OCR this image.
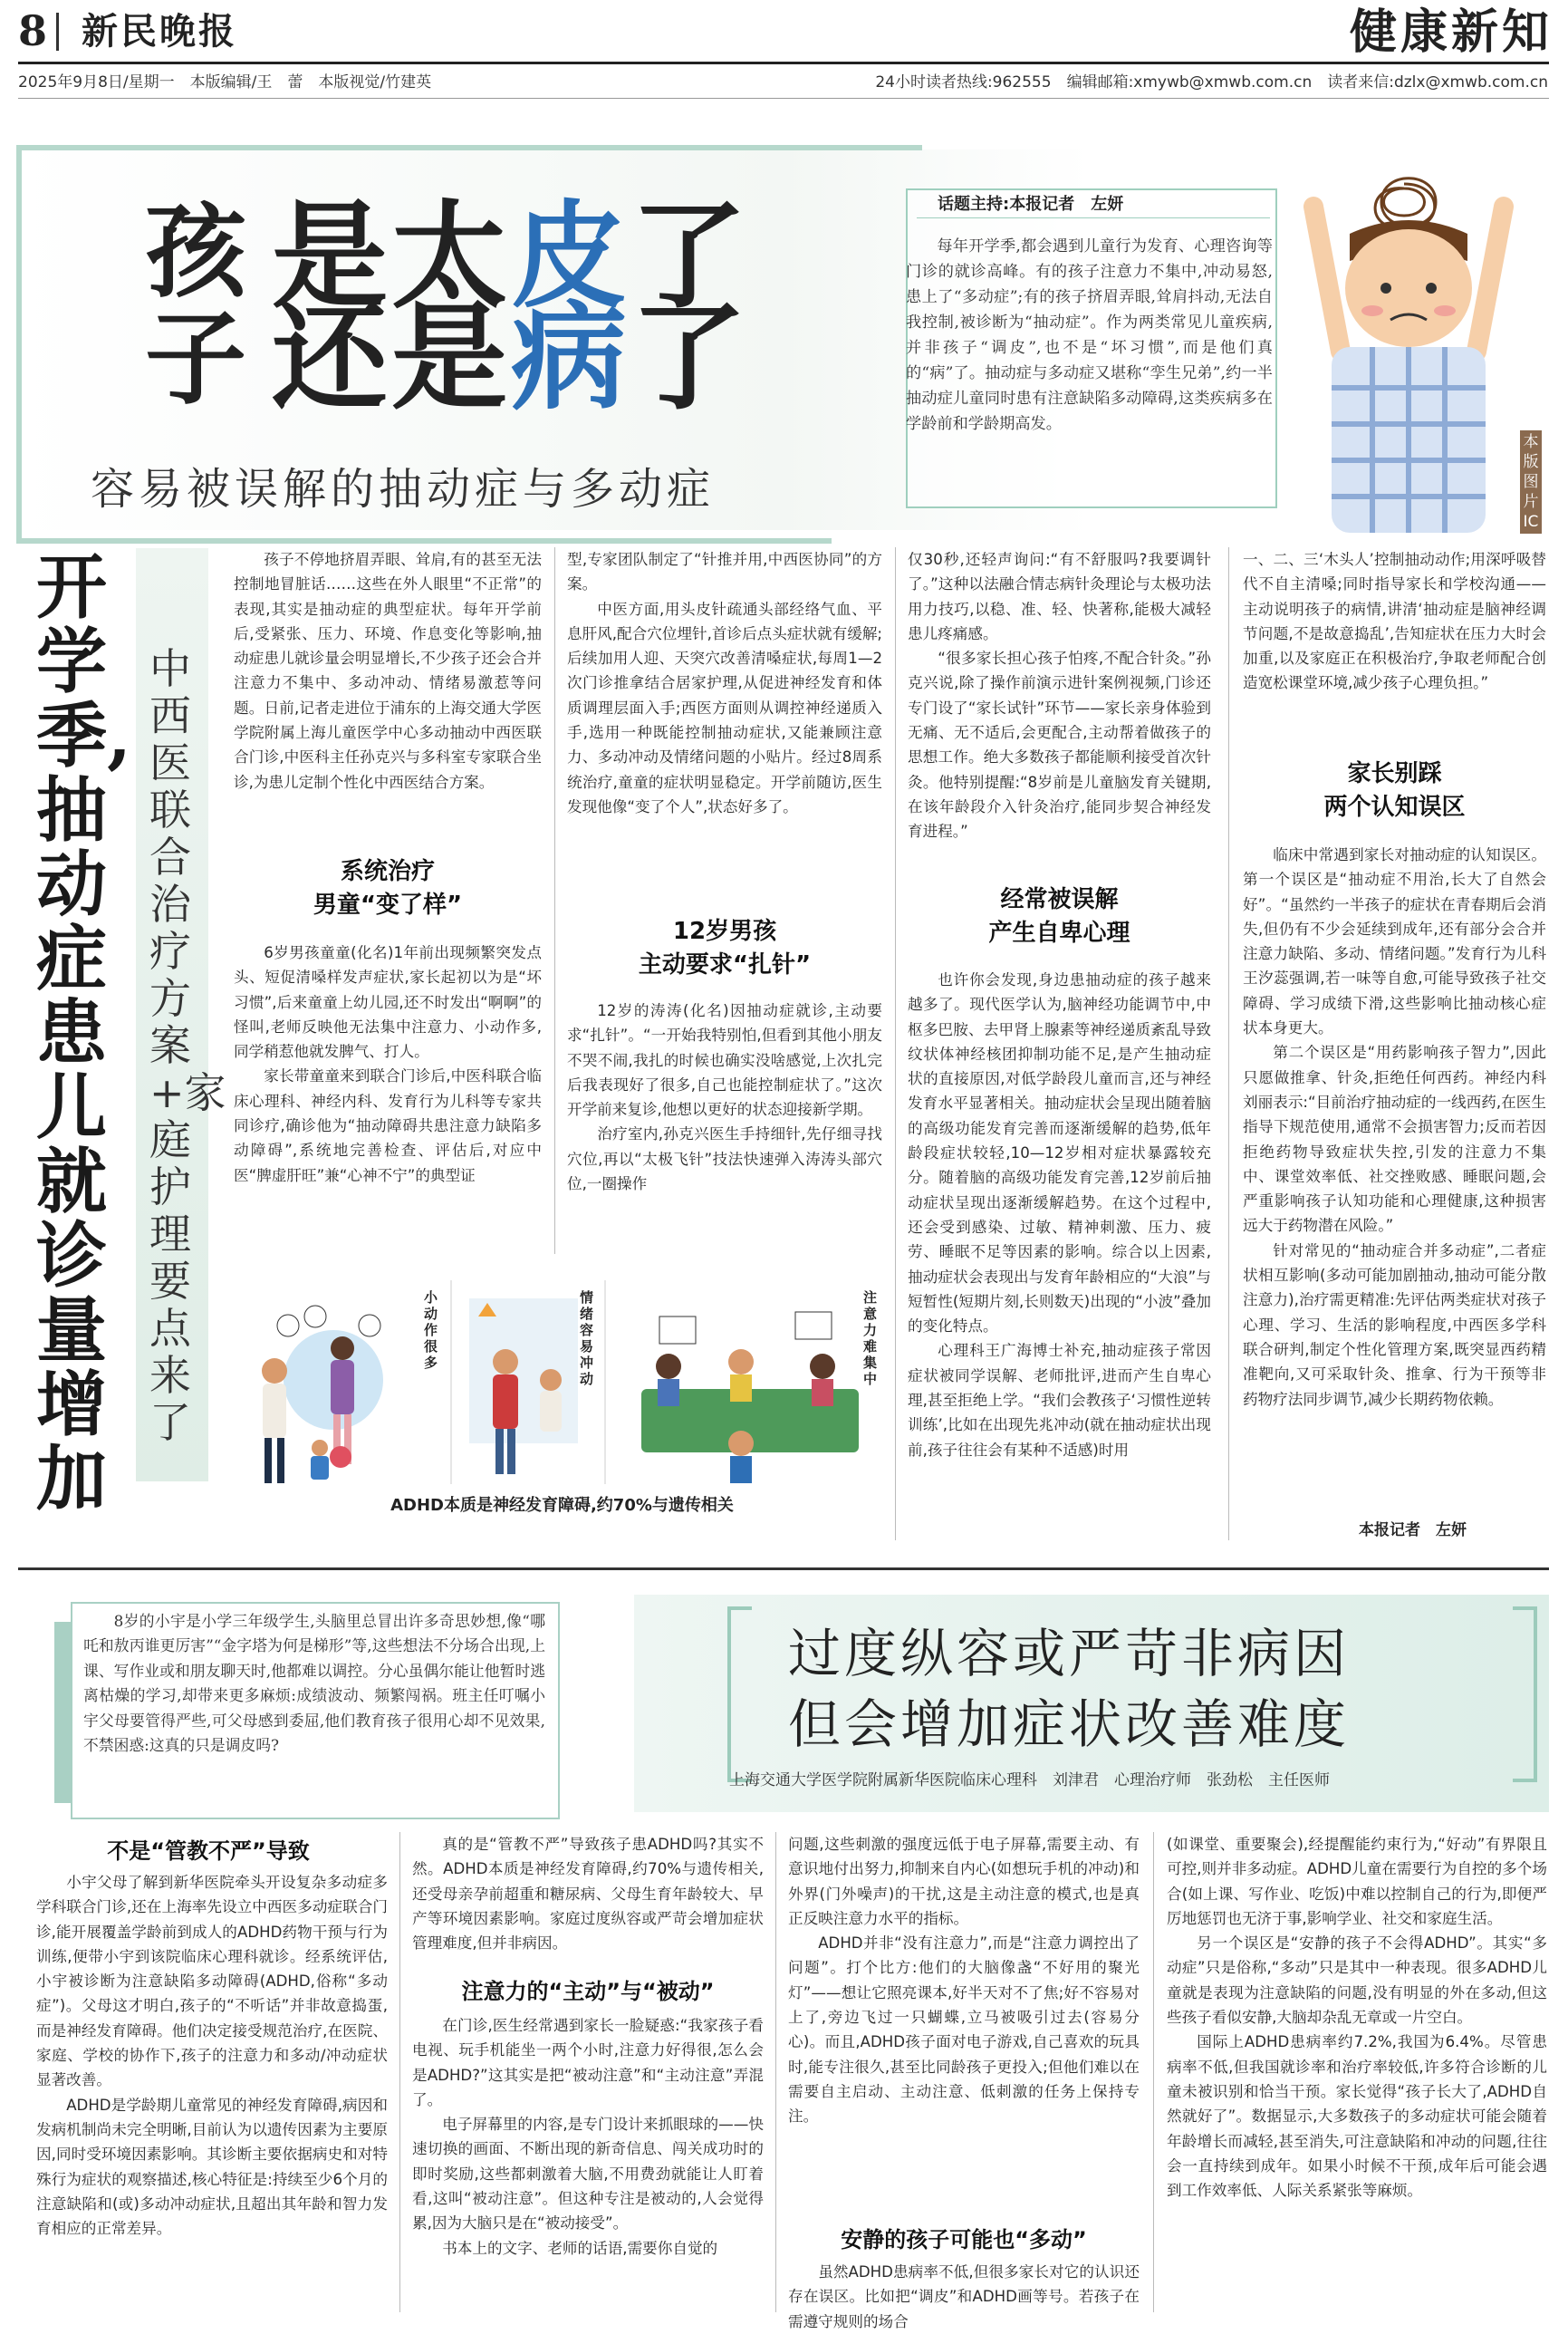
8 新民晚报	健康新知
2025年9月8日/星期一　本版编辑/王　蕾　本版视觉/竹建英	24小时读者热线:962555　编辑邮箱:xmywb@xmwb.com.cn　读者来信:dzlx@xmwb.com.cn
孩子
是太皮了
还是病了
容易被误解的抽动症与多动症
话题主持:本报记者　左妍
每年开学季,都会遇到儿童行为发育、心理咨询等门诊的就诊高峰。有的孩子注意力不集中,冲动易怒,患上了“多动症”;有的孩子挤眉弄眼,耸肩抖动,无法自我控制,被诊断为“抽动症”。作为两类常见儿童疾病,并非孩子“调皮”,也不是“坏习惯”,而是他们真的“病”了。抽动症与多动症又堪称“孪生兄弟”,约一半抽动症儿童同时患有注意缺陷多动障碍,这类疾病多在学龄前和学龄期高发。
本版图片 IC
开学季,抽动症患儿就诊量增加
中西医联合治疗方案+家庭护理要点来了

孩子不停地挤眉弄眼、耸肩,有的甚至无法控制地冒脏话……这些在外人眼里“不正常”的表现,其实是抽动症的典型症状。每年开学前后,受紧张、压力、环境、作息变化等影响,抽动症患儿就诊量会明显增长,不少孩子还会合并注意力不集中、多动冲动、情绪易激惹等问题。日前,记者走进位于浦东的上海交通大学医学院附属上海儿童医学中心多动抽动中西医联合门诊,中医科主任孙克兴与多科室专家联合坐诊,为患儿定制个性化中西医结合方案。

系统治疗
男童“变了样”

6岁男孩童童(化名)1年前出现频繁突发点头、短促清嗓样发声症状,家长起初以为是“坏习惯”,后来童童上幼儿园,还不时发出“啊啊”的怪叫,老师反映他无法集中注意力、小动作多,同学稍惹他就发脾气、打人。

家长带童童来到联合门诊后,中医科联合临床心理科、神经内科、发育行为儿科等专家共同诊疗,确诊他为“抽动障碍共患注意力缺陷多动障碍”,系统地完善检查、评估后,对应中医“脾虚肝旺”兼“心神不宁”的典型证

型,专家团队制定了“针推并用,中西医协同”的方案。

中医方面,用头皮针疏通头部经络气血、平息肝风,配合穴位埋针,首诊后点头症状就有缓解;后续加用人迎、天突穴改善清嗓症状,每周1—2次门诊推拿结合居家护理,从促进神经发育和体质调理层面入手;西医方面则从调控神经递质入手,选用一种既能控制抽动症状,又能兼顾注意力、多动冲动及情绪问题的小贴片。经过8周系统治疗,童童的症状明显稳定。开学前随访,医生发现他像“变了个人”,状态好多了。

12岁男孩
主动要求“扎针”

12岁的涛涛(化名)因抽动症就诊,主动要求“扎针”。“一开始我特别怕,但看到其他小朋友不哭不闹,我扎的时候也确实没啥感觉,上次扎完后我表现好了很多,自己也能控制症状了。”这次开学前来复诊,他想以更好的状态迎接新学期。

治疗室内,孙克兴医生手持细针,先仔细寻找穴位,再以“太极飞针”技法快速弹入涛涛头部穴位,一圈操作

仅30秒,还轻声询问:“有不舒服吗?我要调针了。”这种以法融合情志病针灸理论与太极功法用力技巧,以稳、准、轻、快著称,能极大减轻患儿疼痛感。

“很多家长担心孩子怕疼,不配合针灸。”孙克兴说,除了操作前演示进针案例视频,门诊还专门设了“家长试针”环节——家长亲身体验到无痛、无不适后,会更配合,主动帮着做孩子的思想工作。绝大多数孩子都能顺利接受首次针灸。他特别提醒:“8岁前是儿童脑发育关键期,在该年龄段介入针灸治疗,能同步契合神经发育进程。”

经常被误解
产生自卑心理

也许你会发现,身边患抽动症的孩子越来越多了。现代医学认为,脑神经功能调节中,中枢多巴胺、去甲肾上腺素等神经递质紊乱导致纹状体神经核团抑制功能不足,是产生抽动症状的直接原因,对低学龄段儿童而言,还与神经发育水平显著相关。抽动症状会呈现出随着脑的高级功能发育完善而逐渐缓解的趋势,低年龄段症状较轻,10—12岁相对症状暴露较充分。随着脑的高级功能发育完善,12岁前后抽动症状呈现出逐渐缓解趋势。在这个过程中,还会受到感染、过敏、精神刺激、压力、疲劳、睡眠不足等因素的影响。综合以上因素,抽动症状会表现出与发育年龄相应的“大浪”与短暂性(短期片刻,长则数天)出现的“小波”叠加的变化特点。

心理科王广海博士补充,抽动症孩子常因症状被同学误解、老师批评,进而产生自卑心理,甚至拒绝上学。“我们会教孩子‘习惯性逆转训练’,比如在出现先兆冲动(就在抽动症状出现前,孩子往往会有某种不适感)时用

一、二、三‘木头人’控制抽动动作;用深呼吸替代不自主清嗓;同时指导家长和学校沟通——主动说明孩子的病情,讲清‘抽动症是脑神经调节问题,不是故意捣乱’,告知症状在压力大时会加重,以及家庭正在积极治疗,争取老师配合创造宽松课堂环境,减少孩子心理负担。”

家长别踩
两个认知误区

临床中常遇到家长对抽动症的认知误区。第一个误区是“抽动症不用治,长大了自然会好”。“虽然约一半孩子的症状在青春期后会消失,但仍有不少会延续到成年,还有部分会合并注意力缺陷、多动、情绪问题。”发育行为儿科王汐蕊强调,若一味等自愈,可能导致孩子社交障碍、学习成绩下滑,这些影响比抽动核心症状本身更大。

第二个误区是“用药影响孩子智力”,因此只愿做推拿、针灸,拒绝任何西药。神经内科刘丽表示:“目前治疗抽动症的一线西药,在医生指导下规范使用,通常不会损害智力;反而若因拒绝药物导致症状失控,引发的注意力不集中、课堂效率低、社交挫败感、睡眠问题,会严重影响孩子认知功能和心理健康,这种损害远大于药物潜在风险。”

针对常见的“抽动症合并多动症”,二者症状相互影响(多动可能加剧抽动,抽动可能分散注意力),治疗需更精准:先评估两类症状对孩子心理、学习、生活的影响程度,中西医多学科联合研判,制定个性化管理方案,既突显西药精准靶向,又可采取针灸、推拿、行为干预等非药物疗法同步调节,减少长期药物依赖。

本报记者　左妍
小动作很多
情绪容易冲动
注意力难集中
ADHD本质是神经发育障碍,约70%与遗传相关
8岁的小宇是小学三年级学生,头脑里总冒出许多奇思妙想,像“哪吒和敖丙谁更厉害”“金字塔为何是梯形”等,这些想法不分场合出现,上课、写作业或和朋友聊天时,他都难以调控。分心虽偶尔能让他暂时逃离枯燥的学习,却带来更多麻烦:成绩波动、频繁闯祸。班主任叮嘱小宇父母要管得严些,可父母感到委屈,他们教育孩子很用心却不见效果,不禁困惑:这真的只是调皮吗?
过度纵容或严苛非病因
但会增加症状改善难度
上海交通大学医学院附属新华医院临床心理科　刘津君　心理治疗师　张劲松　主任医师
不是“管教不严”导致

小宇父母了解到新华医院牵头开设复杂多动症多学科联合门诊,还在上海率先设立中西医多动症联合门诊,能开展覆盖学龄前到成人的ADHD药物干预与行为训练,便带小宇到该院临床心理科就诊。经系统评估,小宇被诊断为注意缺陷多动障碍(ADHD,俗称“多动症”)。父母这才明白,孩子的“不听话”并非故意捣蛋,而是神经发育障碍。他们决定接受规范治疗,在医院、家庭、学校的协作下,孩子的注意力和多动/冲动症状显著改善。

ADHD是学龄期儿童常见的神经发育障碍,病因和发病机制尚未完全明晰,目前认为以遗传因素为主要原因,同时受环境因素影响。其诊断主要依据病史和对特殊行为症状的观察描述,核心特征是:持续至少6个月的注意缺陷和(或)多动冲动症状,且超出其年龄和智力发育相应的正常差异。

真的是“管教不严”导致孩子患ADHD吗?其实不然。ADHD本质是神经发育障碍,约70%与遗传相关,还受母亲孕前超重和糖尿病、父母生育年龄较大、早产等环境因素影响。家庭过度纵容或严苛会增加症状管理难度,但并非病因。

注意力的“主动”与“被动”

在门诊,医生经常遇到家长一脸疑惑:“我家孩子看电视、玩手机能坐一两个小时,注意力好得很,怎么会是ADHD?”这其实是把“被动注意”和“主动注意”弄混了。

电子屏幕里的内容,是专门设计来抓眼球的——快速切换的画面、不断出现的新奇信息、闯关成功时的即时奖励,这些都刺激着大脑,不用费劲就能让人盯着看,这叫“被动注意”。但这种专注是被动的,人会觉得累,因为大脑只是在“被动接受”。

书本上的文字、老师的话语,需要你自觉的

问题,这些刺激的强度远低于电子屏幕,需要主动、有意识地付出努力,抑制来自内心(如想玩手机的冲动)和外界(门外噪声)的干扰,这是主动注意的模式,也是真正反映注意力水平的指标。

ADHD并非“没有注意力”,而是“注意力调控出了问题”。打个比方:他们的大脑像盏“不好用的聚光灯”——想让它照亮课本,好半天对不了焦;好不容易对上了,旁边飞过一只蝴蝶,立马被吸引过去(容易分心)。而且,ADHD孩子面对电子游戏,自己喜欢的玩具时,能专注很久,甚至比同龄孩子更投入;但他们难以在需要自主启动、主动注意、低刺激的任务上保持专注。

安静的孩子可能也“多动”

虽然ADHD患病率不低,但很多家长对它的认识还存在误区。比如把“调皮”和ADHD画等号。若孩子在需遵守规则的场合

(如课堂、重要聚会),经提醒能约束行为,“好动”有界限且可控,则并非多动症。ADHD儿童在需要行为自控的多个场合(如上课、写作业、吃饭)中难以控制自己的行为,即便严厉地惩罚也无济于事,影响学业、社交和家庭生活。

另一个误区是“安静的孩子不会得ADHD”。其实“多动症”只是俗称,“多动”只是其中一种表现。很多ADHD儿童就是表现为注意缺陷的问题,没有明显的外在多动,但这些孩子看似安静,大脑却杂乱无章或一片空白。

国际上ADHD患病率约7.2%,我国为6.4%。尽管患病率不低,但我国就诊率和治疗率较低,许多符合诊断的儿童未被识别和恰当干预。家长觉得“孩子长大了,ADHD自然就好了”。数据显示,大多数孩子的多动症状可能会随着年龄增长而减轻,甚至消失,可注意缺陷和冲动的问题,往往会一直持续到成年。如果小时候不干预,成年后可能会遇到工作效率低、人际关系紧张等麻烦。
